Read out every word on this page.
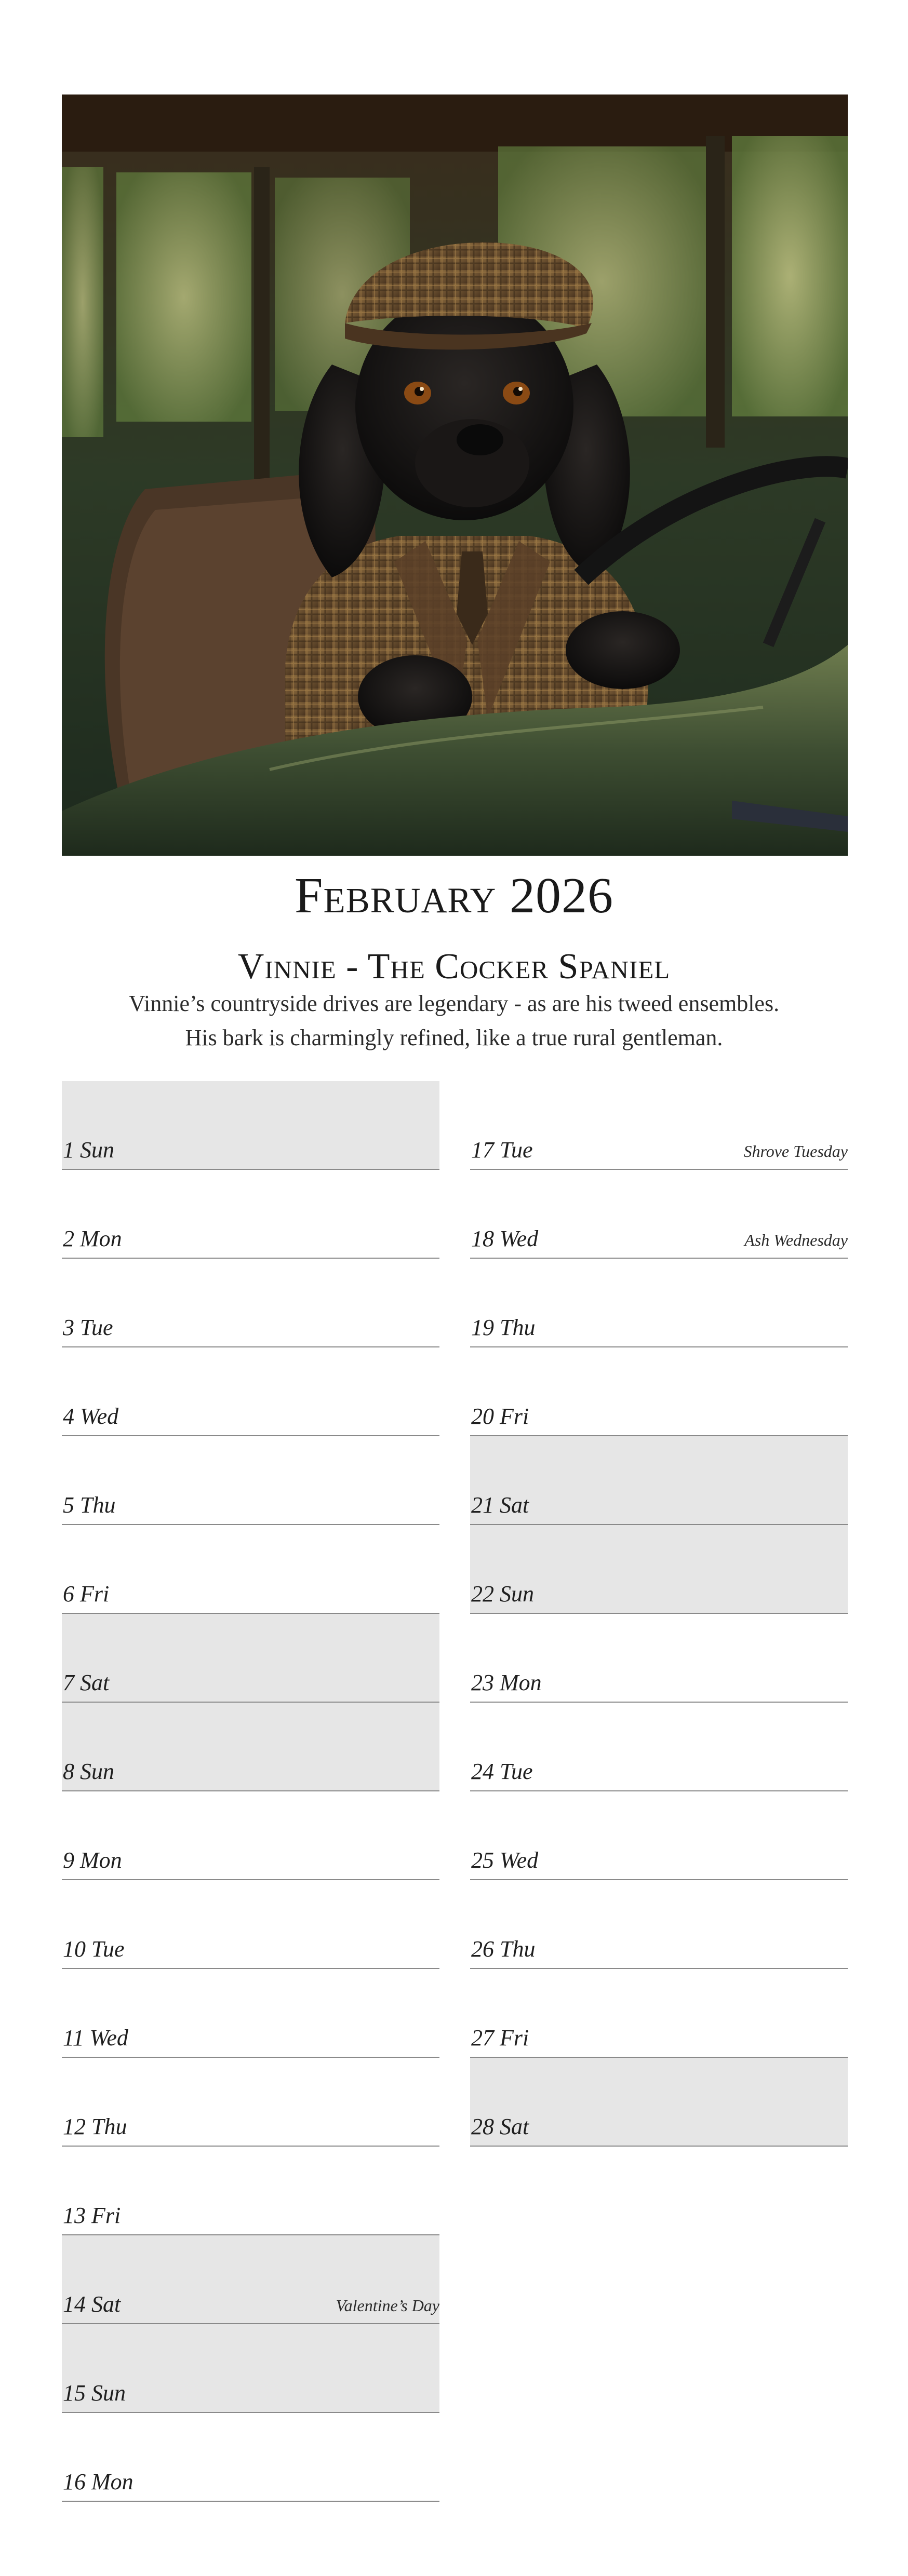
February 2026
Vinnie - The Cocker Spaniel
Vinnie’s countryside drives are legendary - as are his tweed ensembles.
His bark is charmingly refined, like a true rural gentleman.
1 Sun
2 Mon
3 Tue
4 Wed
5 Thu
6 Fri
7 Sat
8 Sun
9 Mon
10 Tue
11 Wed
12 Thu
13 Fri
14 Sat	Valentine’s Day
15 Sun
16 Mon
17 Tue	Shrove Tuesday
18 Wed	Ash Wednesday
19 Thu
20 Fri
21 Sat
22 Sun
23 Mon
24 Tue
25 Wed
26 Thu
27 Fri
28 Sat
